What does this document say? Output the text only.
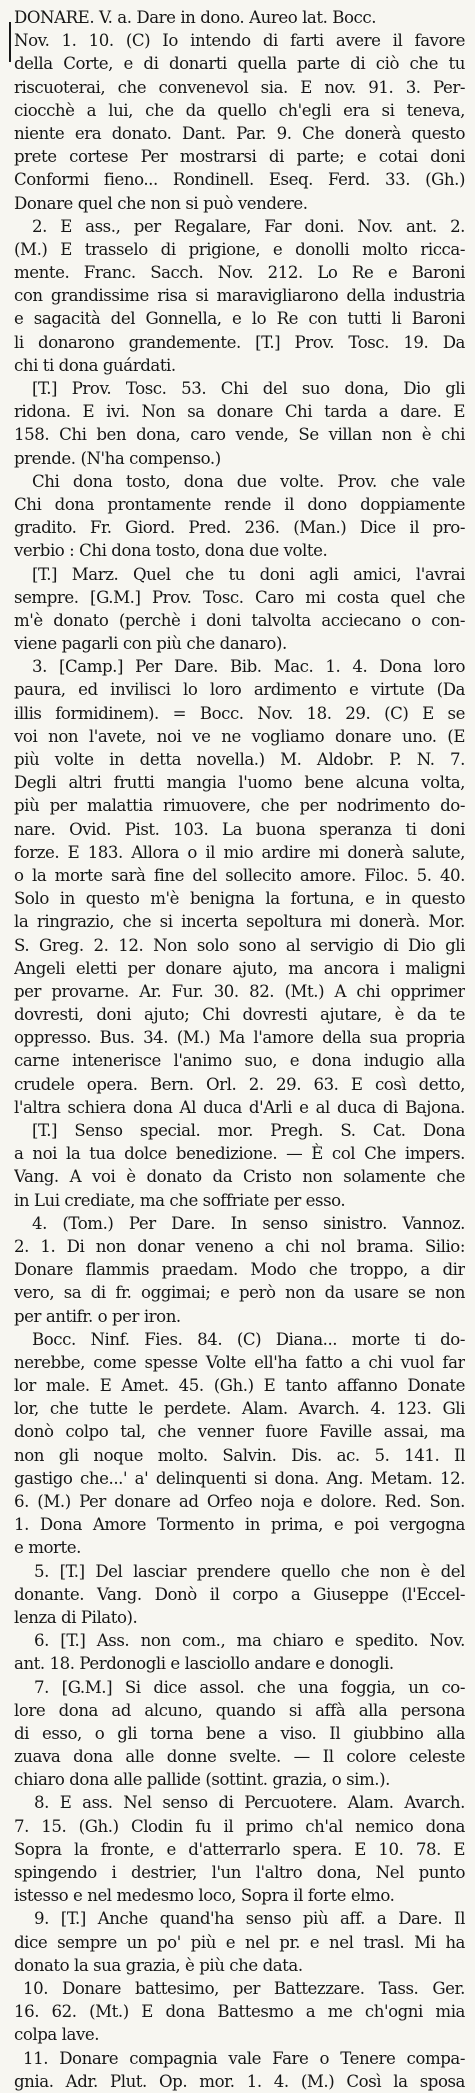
DONARE. V. a. Dare in dono. Aureo lat. Bocc.
Nov. 1. 10. (C) Io intendo di farti avere il favore
della Corte, e di donarti quella parte di ciò che tu
riscuoterai, che convenevol sia. E nov. 91. 3. Per-
ciocchè a lui, che da quello ch'egli era si teneva,
niente era donato. Dant. Par. 9. Che donerà questo
prete cortese Per mostrarsi di parte; e cotai doni
Conformi fieno... Rondinell. Eseq. Ferd. 33. (Gh.)
Donare quel che non si può vendere.
2. E ass., per Regalare, Far doni. Nov. ant. 2.
(M.) E trasselo di prigione, e donolli molto ricca-
mente. Franc. Sacch. Nov. 212. Lo Re e Baroni
con grandissime risa si maravigliarono della industria
e sagacità del Gonnella, e lo Re con tutti li Baroni
li donarono grandemente. [T.] Prov. Tosc. 19. Da
chi ti dona guárdati.
[T.] Prov. Tosc. 53. Chi del suo dona, Dio gli
ridona. E ivi. Non sa donare Chi tarda a dare. E
158. Chi ben dona, caro vende, Se villan non è chi
prende. (N'ha compenso.)
Chi dona tosto, dona due volte. Prov. che vale
Chi dona prontamente rende il dono doppiamente
gradito. Fr. Giord. Pred. 236. (Man.) Dice il pro-
verbio : Chi dona tosto, dona due volte.
[T.] Marz. Quel che tu doni agli amici, l'avrai
sempre. [G.M.] Prov. Tosc. Caro mi costa quel che
m'è donato (perchè i doni talvolta acciecano o con-
viene pagarli con più che danaro).
3. [Camp.] Per Dare. Bib. Mac. 1. 4. Dona loro
paura, ed invilisci lo loro ardimento e virtute (Da
illis formidinem). = Bocc. Nov. 18. 29. (C) E se
voi non l'avete, noi ve ne vogliamo donare uno. (E
più volte in detta novella.) M. Aldobr. P. N. 7.
Degli altri frutti mangia l'uomo bene alcuna volta,
più per malattia rimuovere, che per nodrimento do-
nare. Ovid. Pist. 103. La buona speranza ti doni
forze. E 183. Allora o il mio ardire mi donerà salute,
o la morte sarà fine del sollecito amore. Filoc. 5. 40.
Solo in questo m'è benigna la fortuna, e in questo
la ringrazio, che si incerta sepoltura mi donerà. Mor.
S. Greg. 2. 12. Non solo sono al servigio di Dio gli
Angeli eletti per donare ajuto, ma ancora i maligni
per provarne. Ar. Fur. 30. 82. (Mt.) A chi opprimer
dovresti, doni ajuto; Chi dovresti ajutare, è da te
oppresso. Bus. 34. (M.) Ma l'amore della sua propria
carne intenerisce l'animo suo, e dona indugio alla
crudele opera. Bern. Orl. 2. 29. 63. E così detto,
l'altra schiera dona Al duca d'Arli e al duca di Bajona.
[T.] Senso special. mor. Pregh. S. Cat. Dona
a noi la tua dolce benedizione. — È col Che impers.
Vang. A voi è donato da Cristo non solamente che
in Lui crediate, ma che soffriate per esso.
4. (Tom.) Per Dare. In senso sinistro. Vannoz.
2. 1. Di non donar veneno a chi nol brama. Silio:
Donare flammis praedam. Modo che troppo, a dir
vero, sa di fr. oggimai; e però non da usare se non
per antifr. o per iron.
Bocc. Ninf. Fies. 84. (C) Diana... morte ti do-
nerebbe, come spesse Volte ell'ha fatto a chi vuol far
lor male. E Amet. 45. (Gh.) E tanto affanno Donate
lor, che tutte le perdete. Alam. Avarch. 4. 123. Gli
donò colpo tal, che venner fuore Faville assai, ma
non gli noque molto. Salvin. Dis. ac. 5. 141. Il
gastigo che...' a' delinquenti si dona. Ang. Metam. 12.
6. (M.) Per donare ad Orfeo noja e dolore. Red. Son.
1. Dona Amore Tormento in prima, e poi vergogna
e morte.
5. [T.] Del lasciar prendere quello che non è del
donante. Vang. Donò il corpo a Giuseppe (l'Eccel-
lenza di Pilato).
6. [T.] Ass. non com., ma chiaro e spedito. Nov.
ant. 18. Perdonogli e lasciollo andare e donogli.
7. [G.M.] Si dice assol. che una foggia, un co-
lore dona ad alcuno, quando si affà alla persona
di esso, o gli torna bene a viso. Il giubbino alla
zuava dona alle donne svelte. — Il colore celeste
chiaro dona alle pallide (sottint. grazia, o sim.).
8. E ass. Nel senso di Percuotere. Alam. Avarch.
7. 15. (Gh.) Clodin fu il primo ch'al nemico dona
Sopra la fronte, e d'atterrarlo spera. E 10. 78. E
spingendo i destrier, l'un l'altro dona, Nel punto
istesso e nel medesmo loco, Sopra il forte elmo.
9. [T.] Anche quand'ha senso più aff. a Dare. Il
dice sempre un po' più e nel pr. e nel trasl. Mi ha
donato la sua grazia, è più che data.
10. Donare battesimo, per Battezzare. Tass. Ger.
16. 62. (Mt.) E dona Battesmo a me ch'ogni mia
colpa lave.
11. Donare compagnia vale Fare o Tenere compa-
gnia. Adr. Plut. Op. mor. 1. 4. (M.) Così la sposa
